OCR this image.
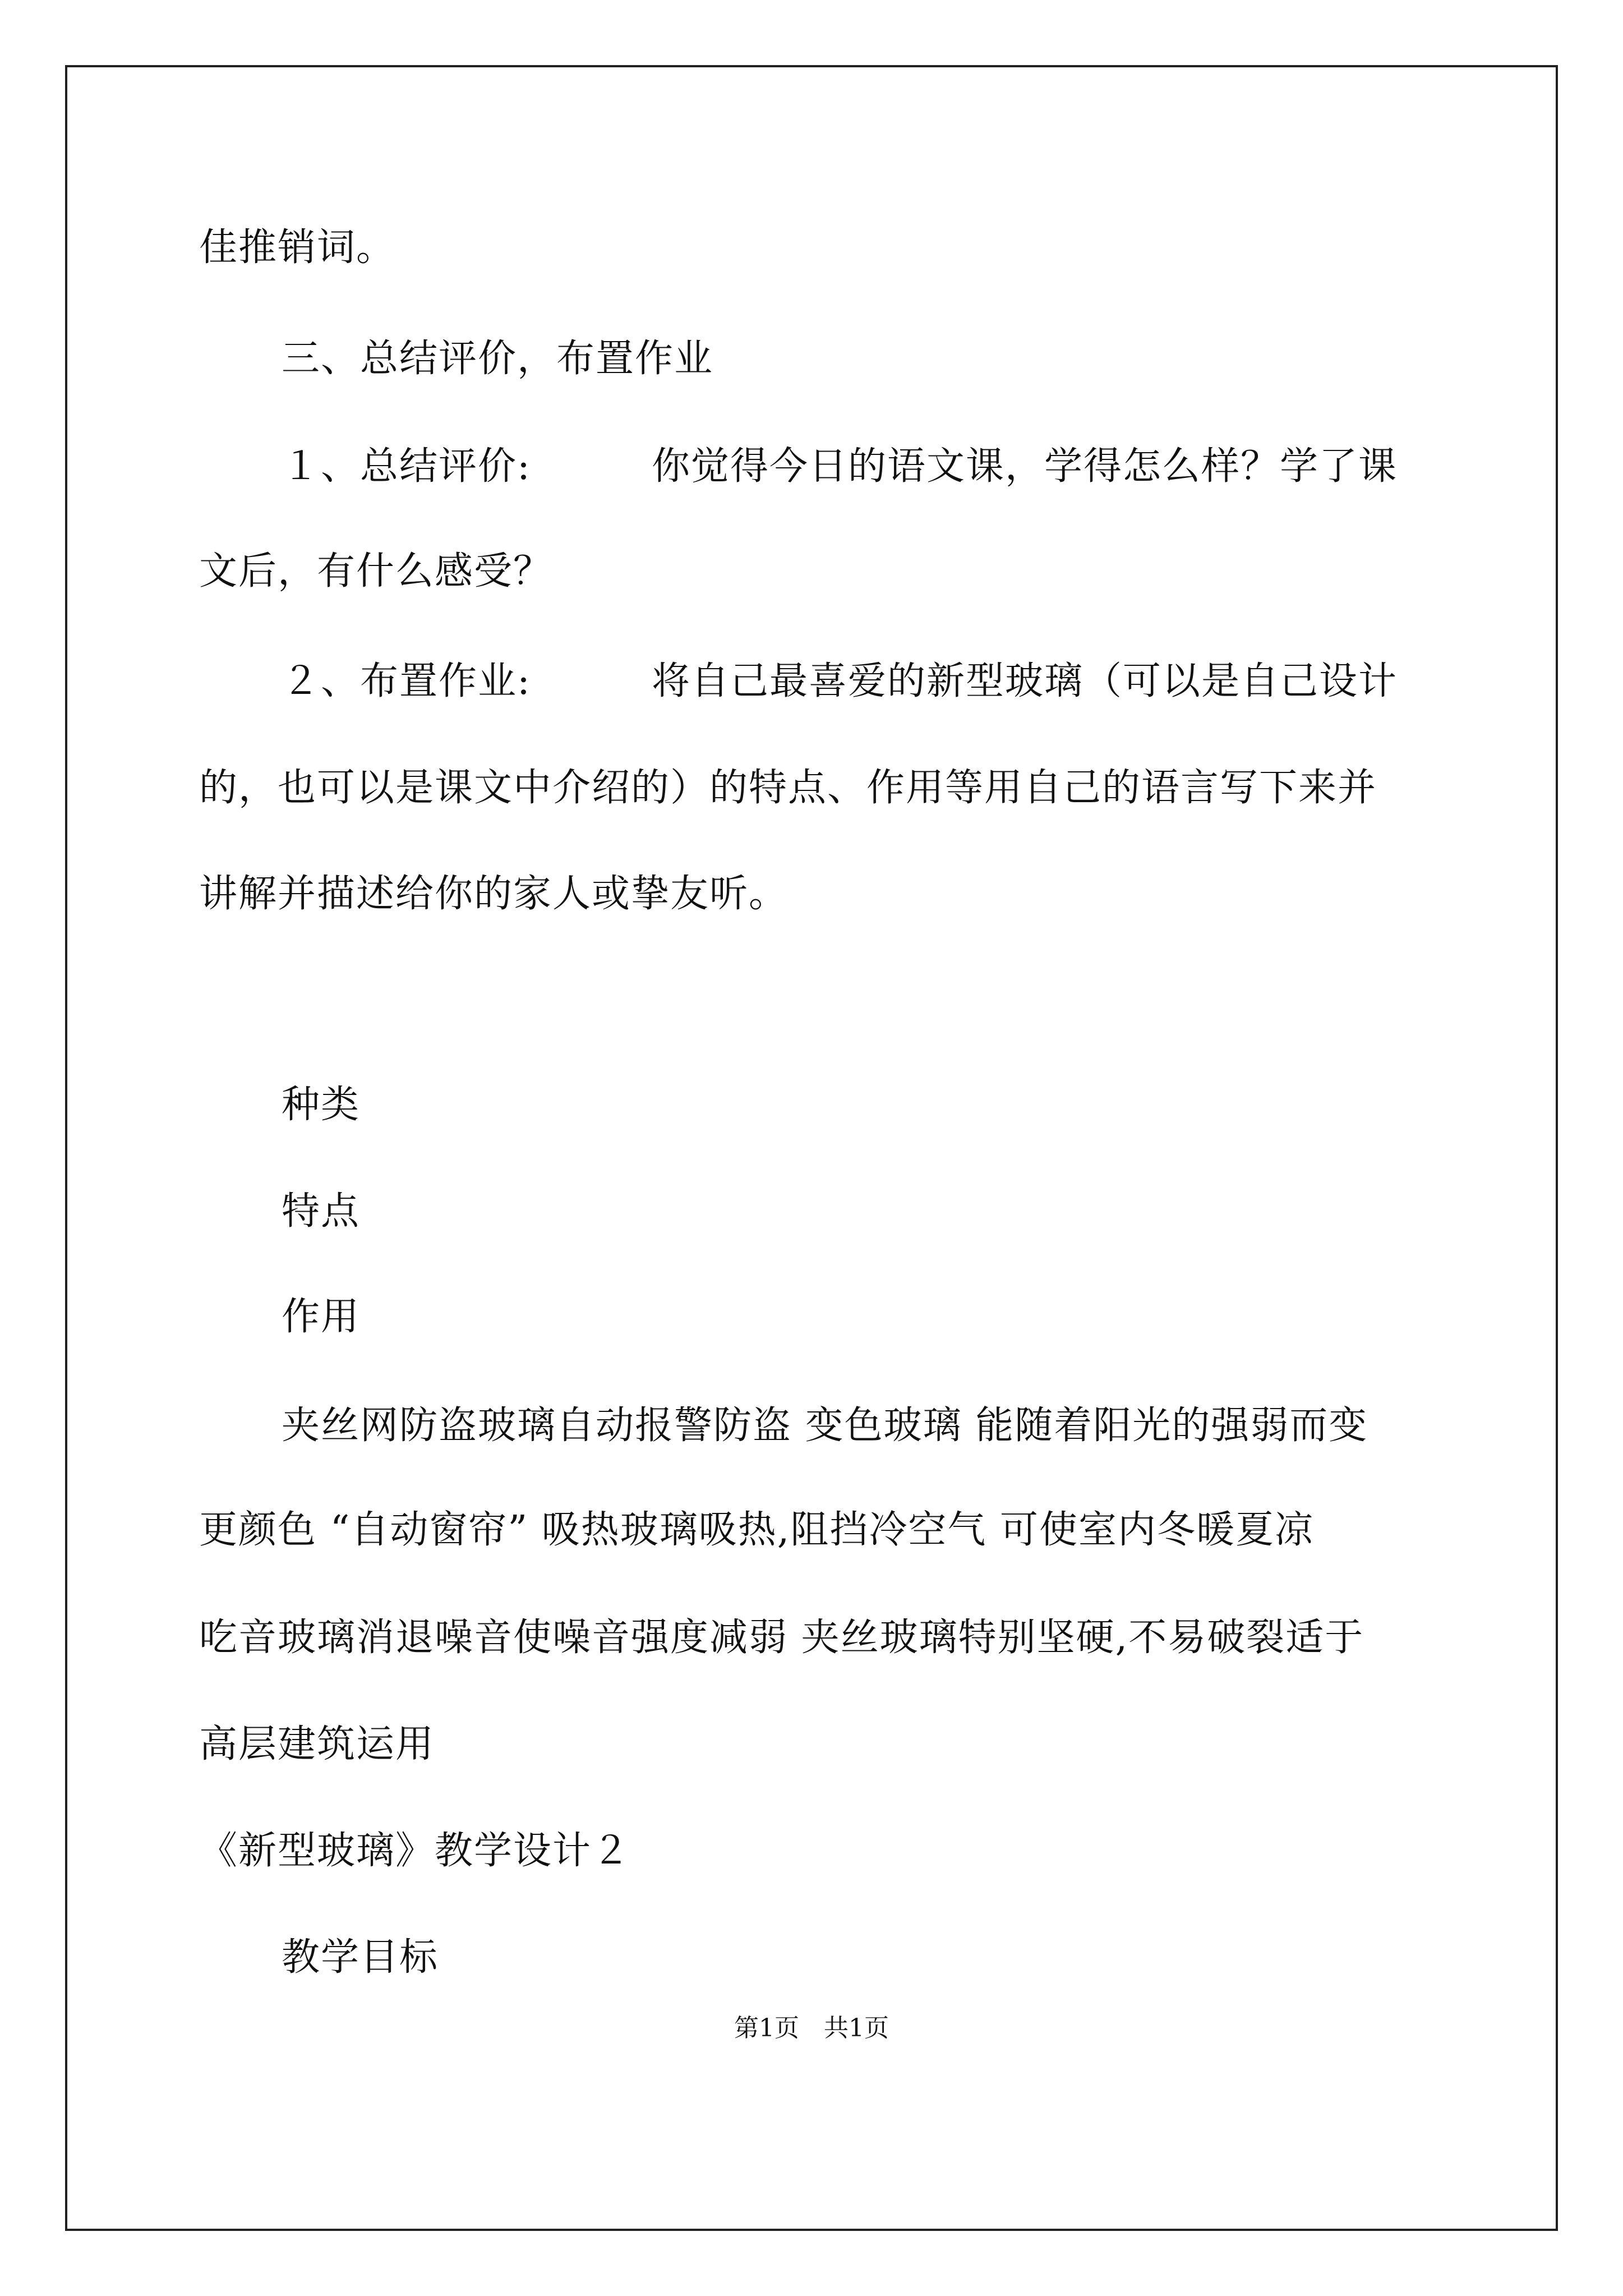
佳推销词。
三、总结评价，布置作业
１、总结评价:	你觉得今日的语文课，学得怎么样？学了课
文后，有什么感受？
２、布置作业:	将自己最喜爱的新型玻璃（可以是自己设计
的，也可以是课文中介绍的）的特点、作用等用自己的语言写下来并
讲解并描述给你的家人或挚友听。
种类
特点
作用
夹丝网防盗玻璃自动报警防盗 变色玻璃 能随着阳光的强弱而变
更颜色 “自动窗帘” 吸热玻璃吸热,阻挡冷空气 可使室内冬暖夏凉
吃音玻璃消退噪音使噪音强度减弱 夹丝玻璃特别坚硬,不易破裂适于
高层建筑运用
《新型玻璃》教学设计２
教学目标
第1页　共1页
